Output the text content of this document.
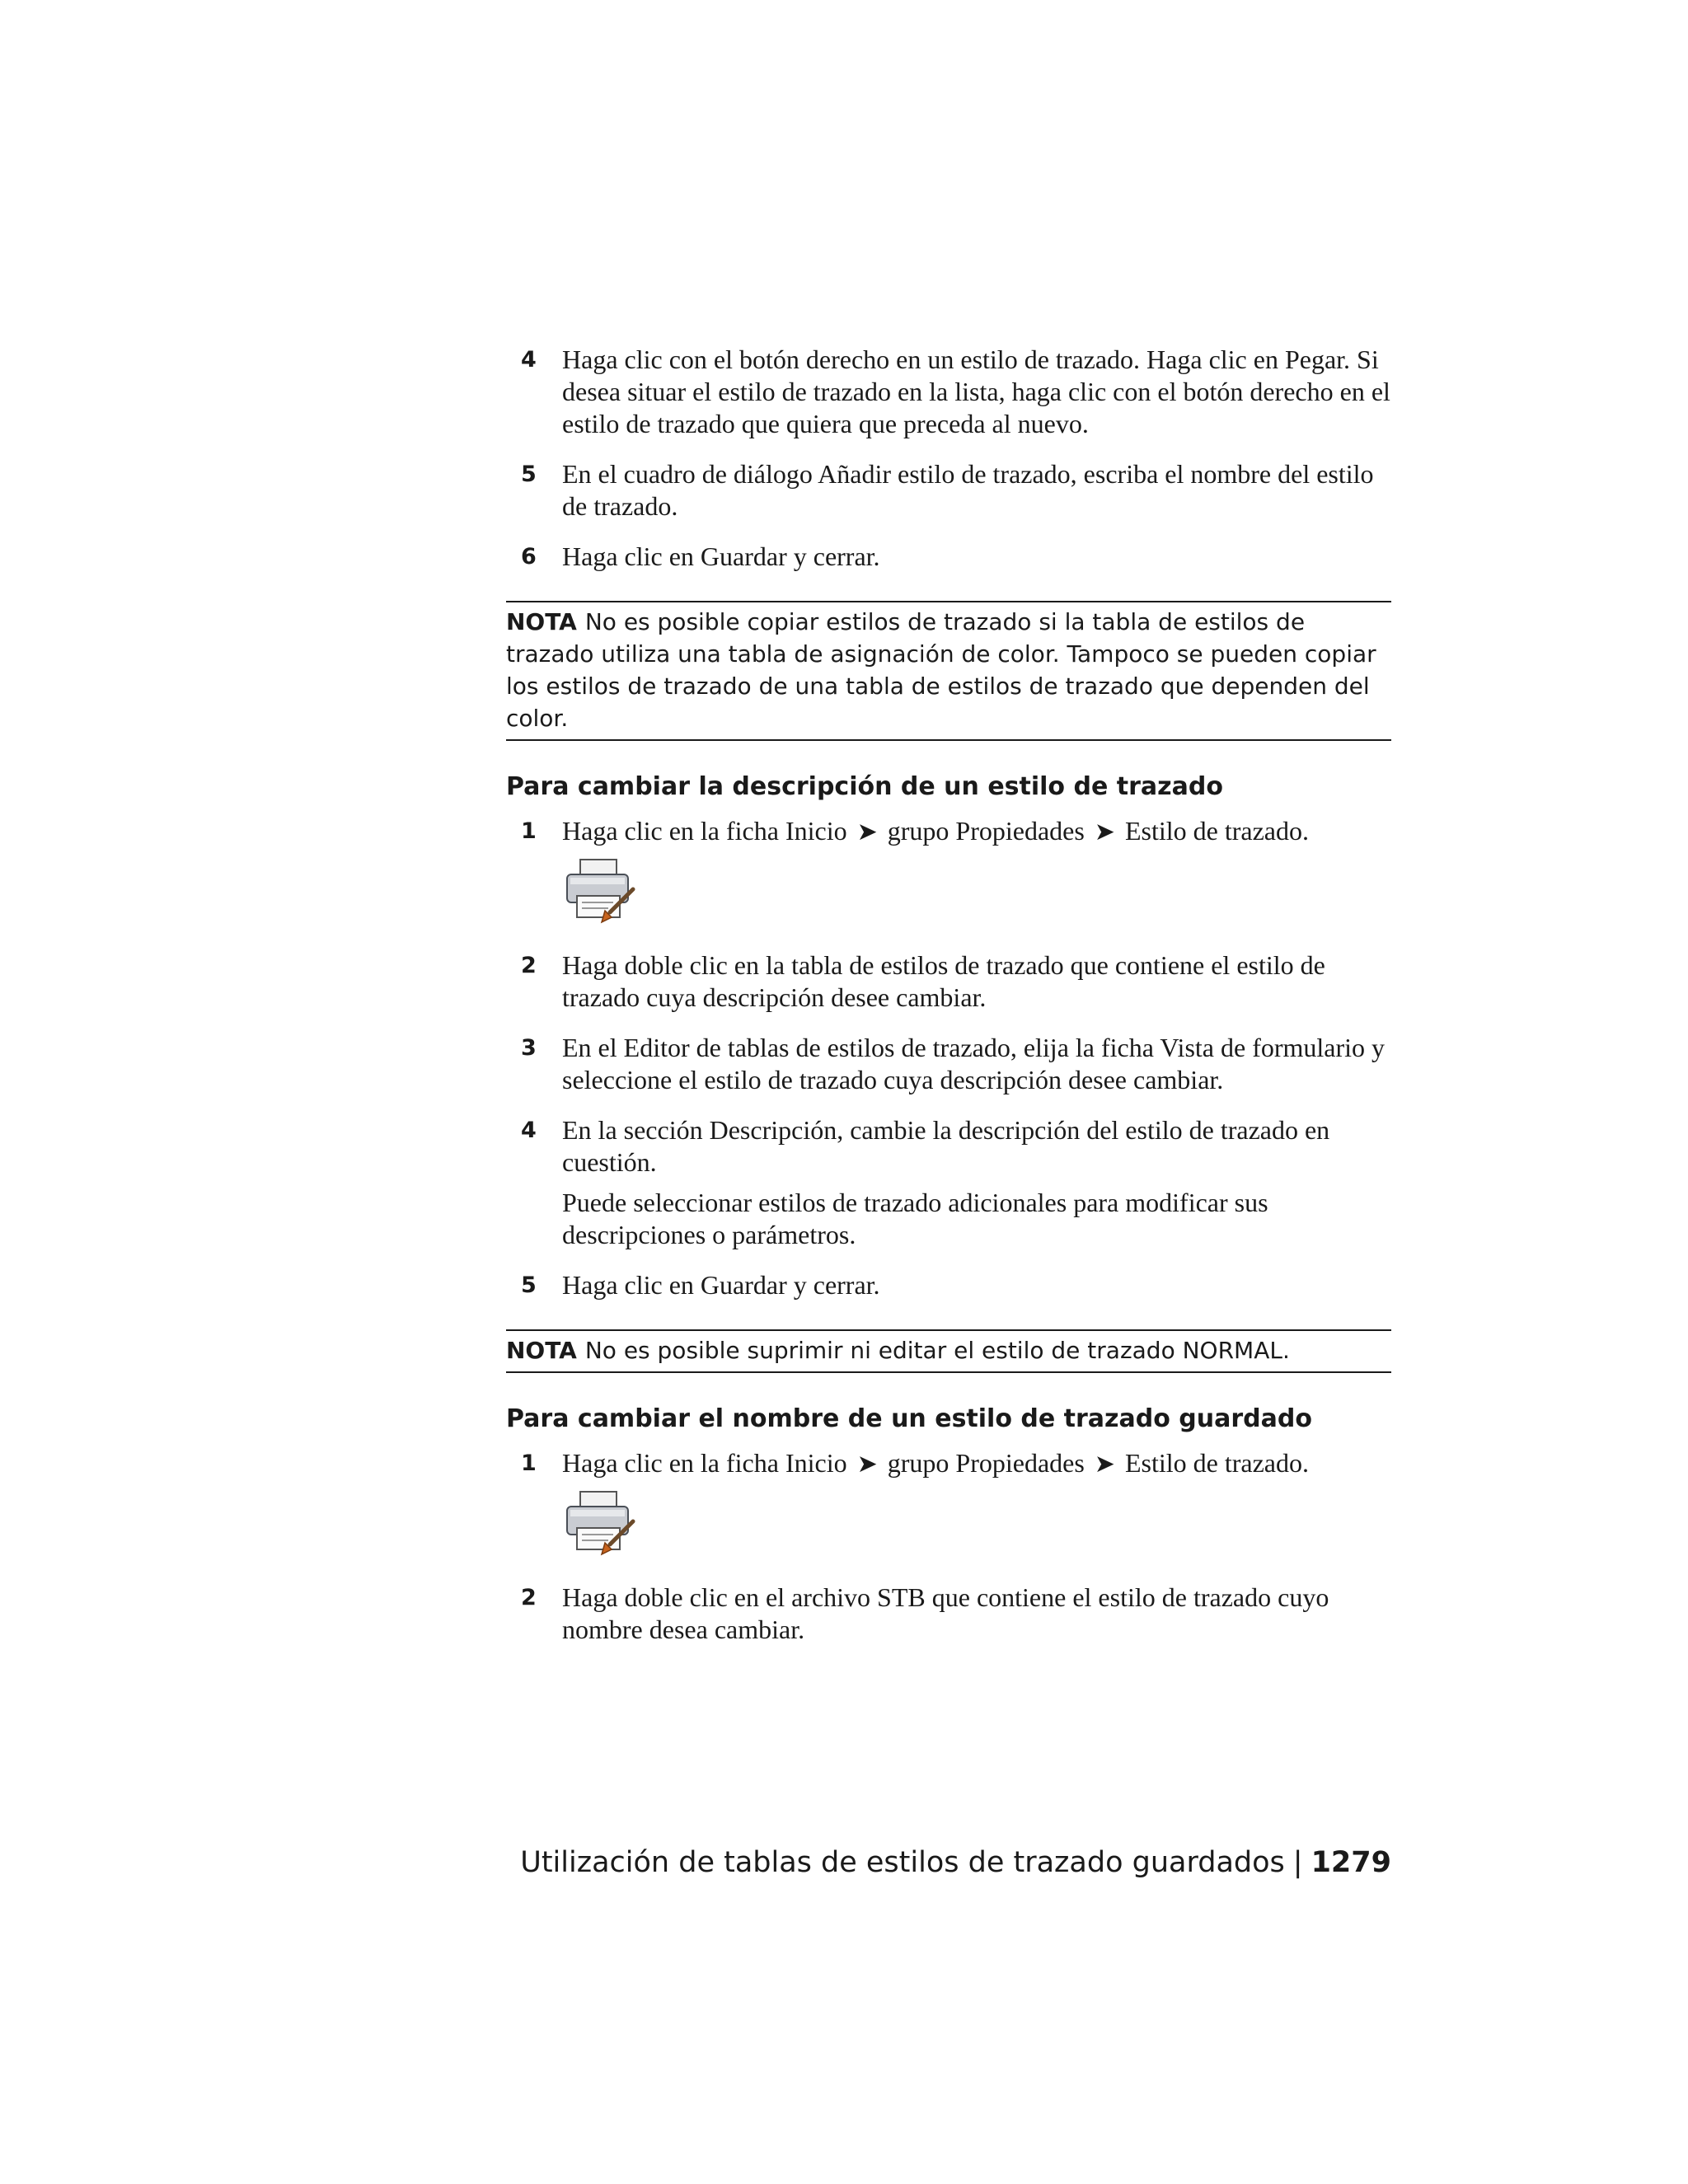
4 Haga clic con el botón derecho en un estilo de trazado. Haga clic en Pegar. Si desea situar el estilo de trazado en la lista, haga clic con el botón derecho en el estilo de trazado que quiera que preceda al nuevo.

5 En el cuadro de diálogo Añadir estilo de trazado, escriba el nombre del estilo de trazado.

6 Haga clic en Guardar y cerrar.

NOTA No es posible copiar estilos de trazado si la tabla de estilos de trazado utiliza una tabla de asignación de color. Tampoco se pueden copiar los estilos de trazado de una tabla de estilos de trazado que dependen del color.
Para cambiar la descripción de un estilo de trazado
1 Haga clic en la ficha Inicio ➤ grupo Propiedades ➤ Estilo de trazado.

2 Haga doble clic en la tabla de estilos de trazado que contiene el estilo de trazado cuya descripción desee cambiar.

3 En el Editor de tablas de estilos de trazado, elija la ficha Vista de formulario y seleccione el estilo de trazado cuya descripción desee cambiar.

4 En la sección Descripción, cambie la descripción del estilo de trazado en cuestión.

Puede seleccionar estilos de trazado adicionales para modificar sus descripciones o parámetros.

5 Haga clic en Guardar y cerrar.

NOTA No es posible suprimir ni editar el estilo de trazado NORMAL.
Para cambiar el nombre de un estilo de trazado guardado
1 Haga clic en la ficha Inicio ➤ grupo Propiedades ➤ Estilo de trazado.

2 Haga doble clic en el archivo STB que contiene el estilo de trazado cuyo nombre desea cambiar.

Utilización de tablas de estilos de trazado guardados | 1279
